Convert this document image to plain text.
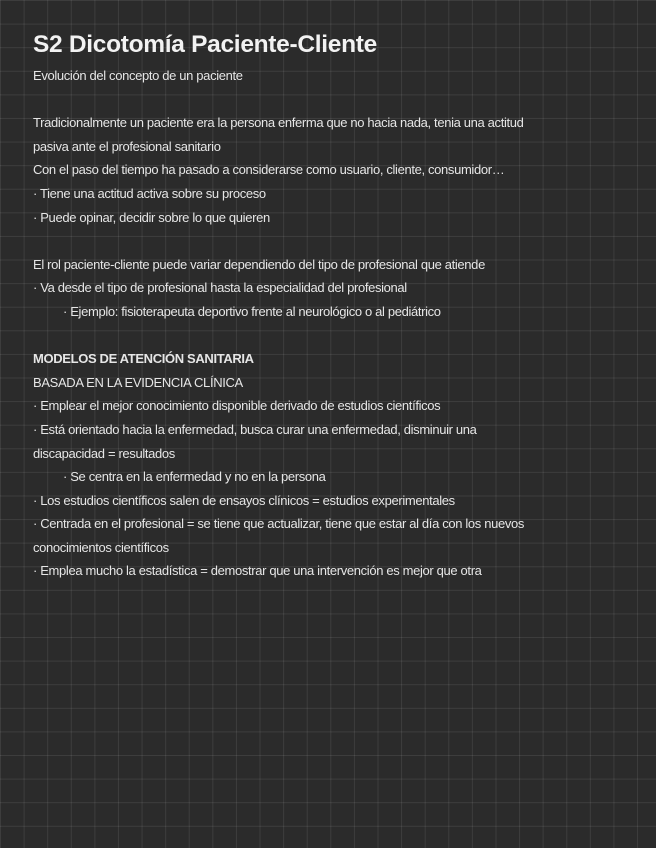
S2 Dicotomía Paciente-Cliente
Evolución del concepto de un paciente
Tradicionalmente un paciente era la persona enferma que no hacia nada, tenia una actitud
pasiva ante el profesional sanitario
Con el paso del tiempo ha pasado a considerarse como usuario, cliente, consumidor…
· Tiene una actitud activa sobre su proceso
· Puede opinar, decidir sobre lo que quieren
El rol paciente-cliente puede variar dependiendo del tipo de profesional que atiende
· Va desde el tipo de profesional hasta la especialidad del profesional
· Ejemplo: fisioterapeuta deportivo frente al neurológico o al pediátrico
MODELOS DE ATENCIÓN SANITARIA
BASADA EN LA EVIDENCIA CLÍNICA
· Emplear el mejor conocimiento disponible derivado de estudios científicos
· Está orientado hacia la enfermedad, busca curar una enfermedad, disminuir una
discapacidad = resultados
· Se centra en la enfermedad y no en la persona
· Los estudios científicos salen de ensayos clínicos = estudios experimentales
· Centrada en el profesional = se tiene que actualizar, tiene que estar al día con los nuevos
conocimientos científicos
· Emplea mucho la estadística = demostrar que una intervención es mejor que otra
